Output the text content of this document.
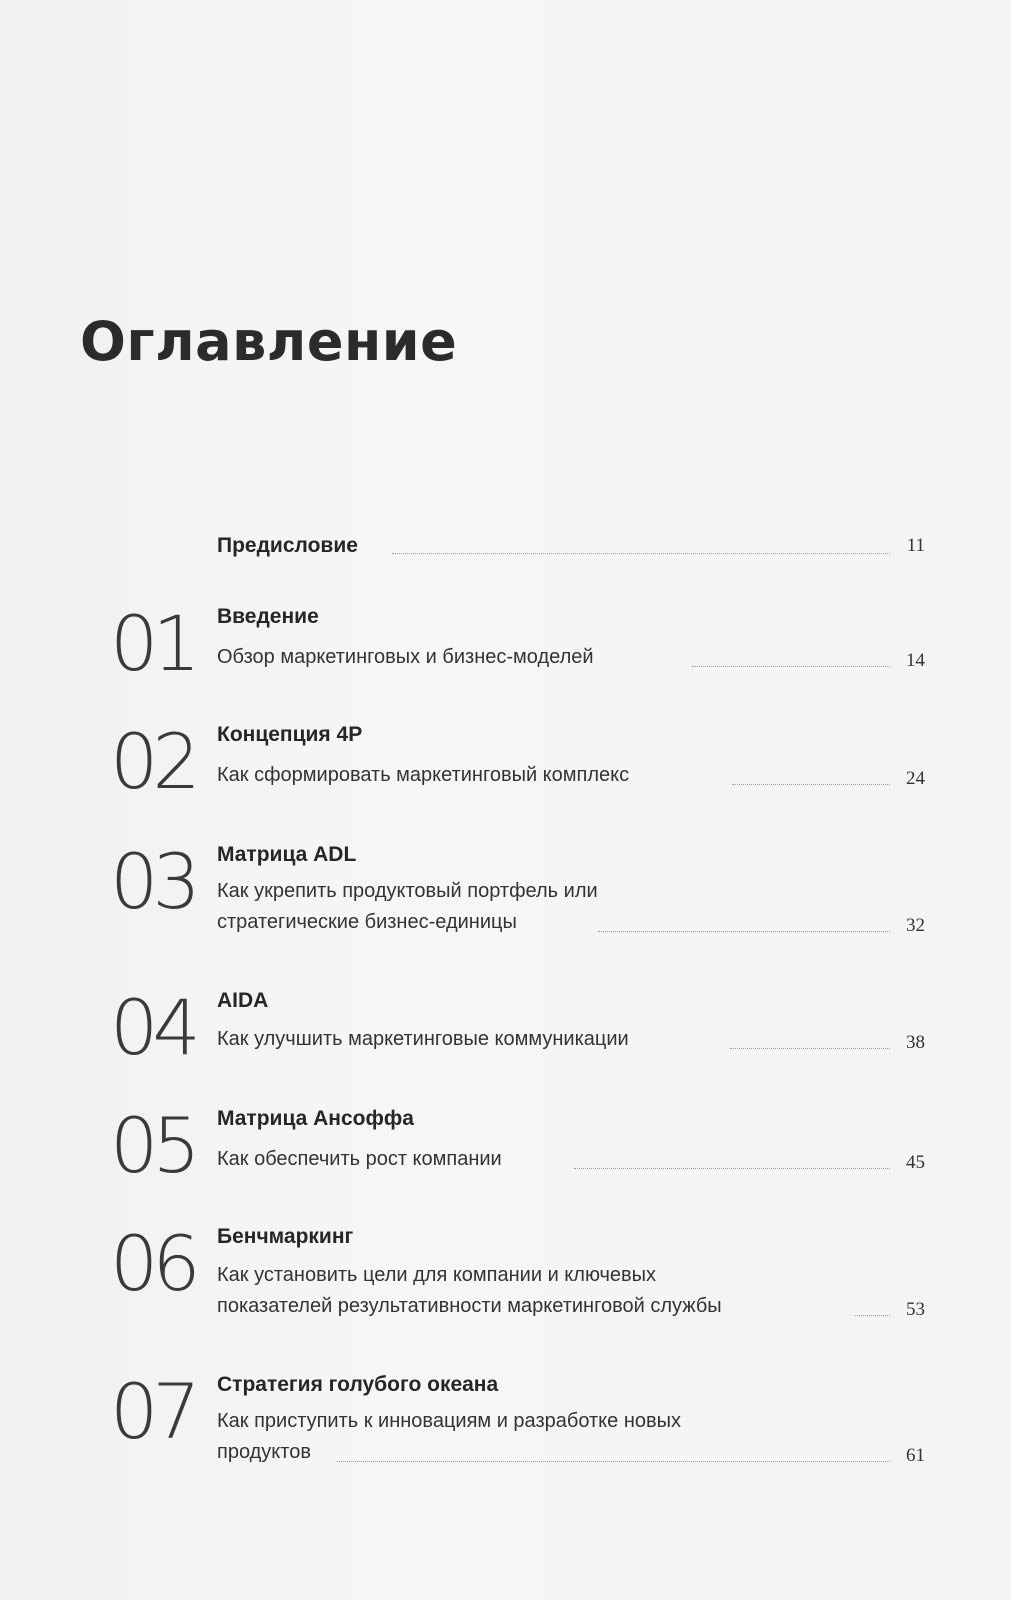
Оглавление
Предисловие	11
01 Введение
Обзор маркетинговых и бизнес-моделей	14
02 Концепция 4P
Как сформировать маркетинговый комплекс	24
03 Матрица ADL
Как укрепить продуктовый портфель или
стратегические бизнес-единицы	32
04 AIDA
Как улучшить маркетинговые коммуникации	38
05 Матрица Ансоффа
Как обеспечить рост компании	45
06 Бенчмаркинг
Как установить цели для компании и ключевых
показателей результативности маркетинговой службы	53
07 Стратегия голубого океана
Как приступить к инновациям и разработке новых
продуктов	61
